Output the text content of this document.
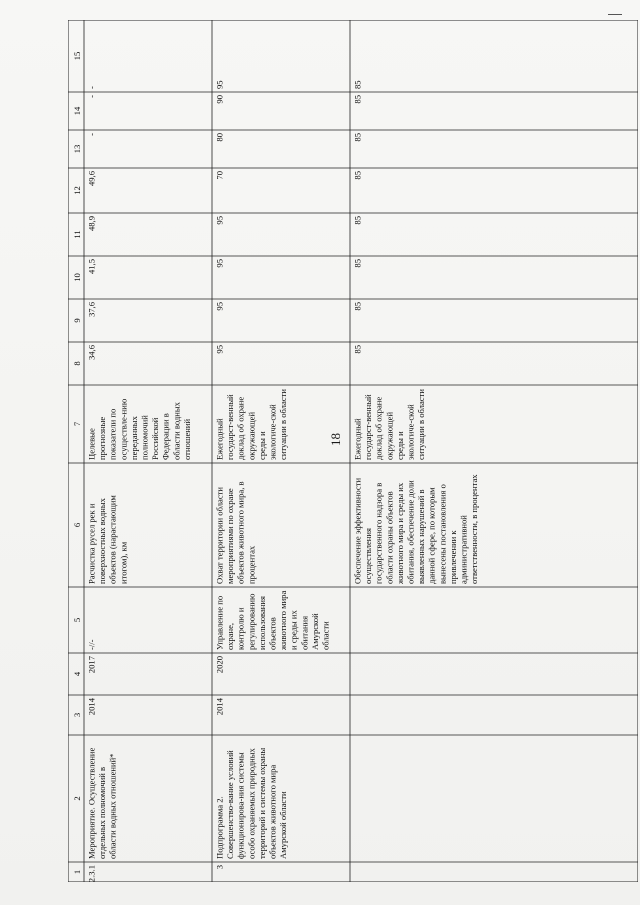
18
1
2
3
4
5
6
7
8
9
10
11
12
13
14
15
2.3.1
Мероприятие. Осуществлениеотдельных полномочий вобласти водных отношений*
2014
2017
-//-
Расчистка русел рек иповерхностных водныхобъектов (нарастающимитогом), км
Целевыепрогнозныепоказатели поосуществле-ниюпереданныхполномочийРоссийскойФедерации вобласти водныхотношений
34,6
37,6
41,5
48,9
49,6
-
-
-
3
Подпрограмма 2.Совершенство-вание условийфункционирова-ния системыособо охраняемых природныхтерриторий и системы охраныобъектов животного мираАмурской области
2014
2020
Управление поохране,контролю ирегулированиюиспользованияобъектовживотного мираи среды ихобитанияАмурскойобласти
Охват территории областимероприятиями по охранеобъектов животного мира, впроцентах
Ежегодныйгосударст-венныйдоклад об охранеокружающейсреды иэкологиче-скойситуации в области
95
95
95
95
70
80
90
95
Обеспечение эффективностиосуществлениягосударственного надзора вобласти охраны объектовживотного мира и среды ихобитания, обеспечение доливыявленных нарушений вданной сфере, по которымвынесены постановления опривлечении кадминистративнойответственности, в процентах
Ежегодныйгосударст-венныйдоклад об охранеокружающейсреды иэкологиче-скойситуации в области
85
85
85
85
85
85
85
85
